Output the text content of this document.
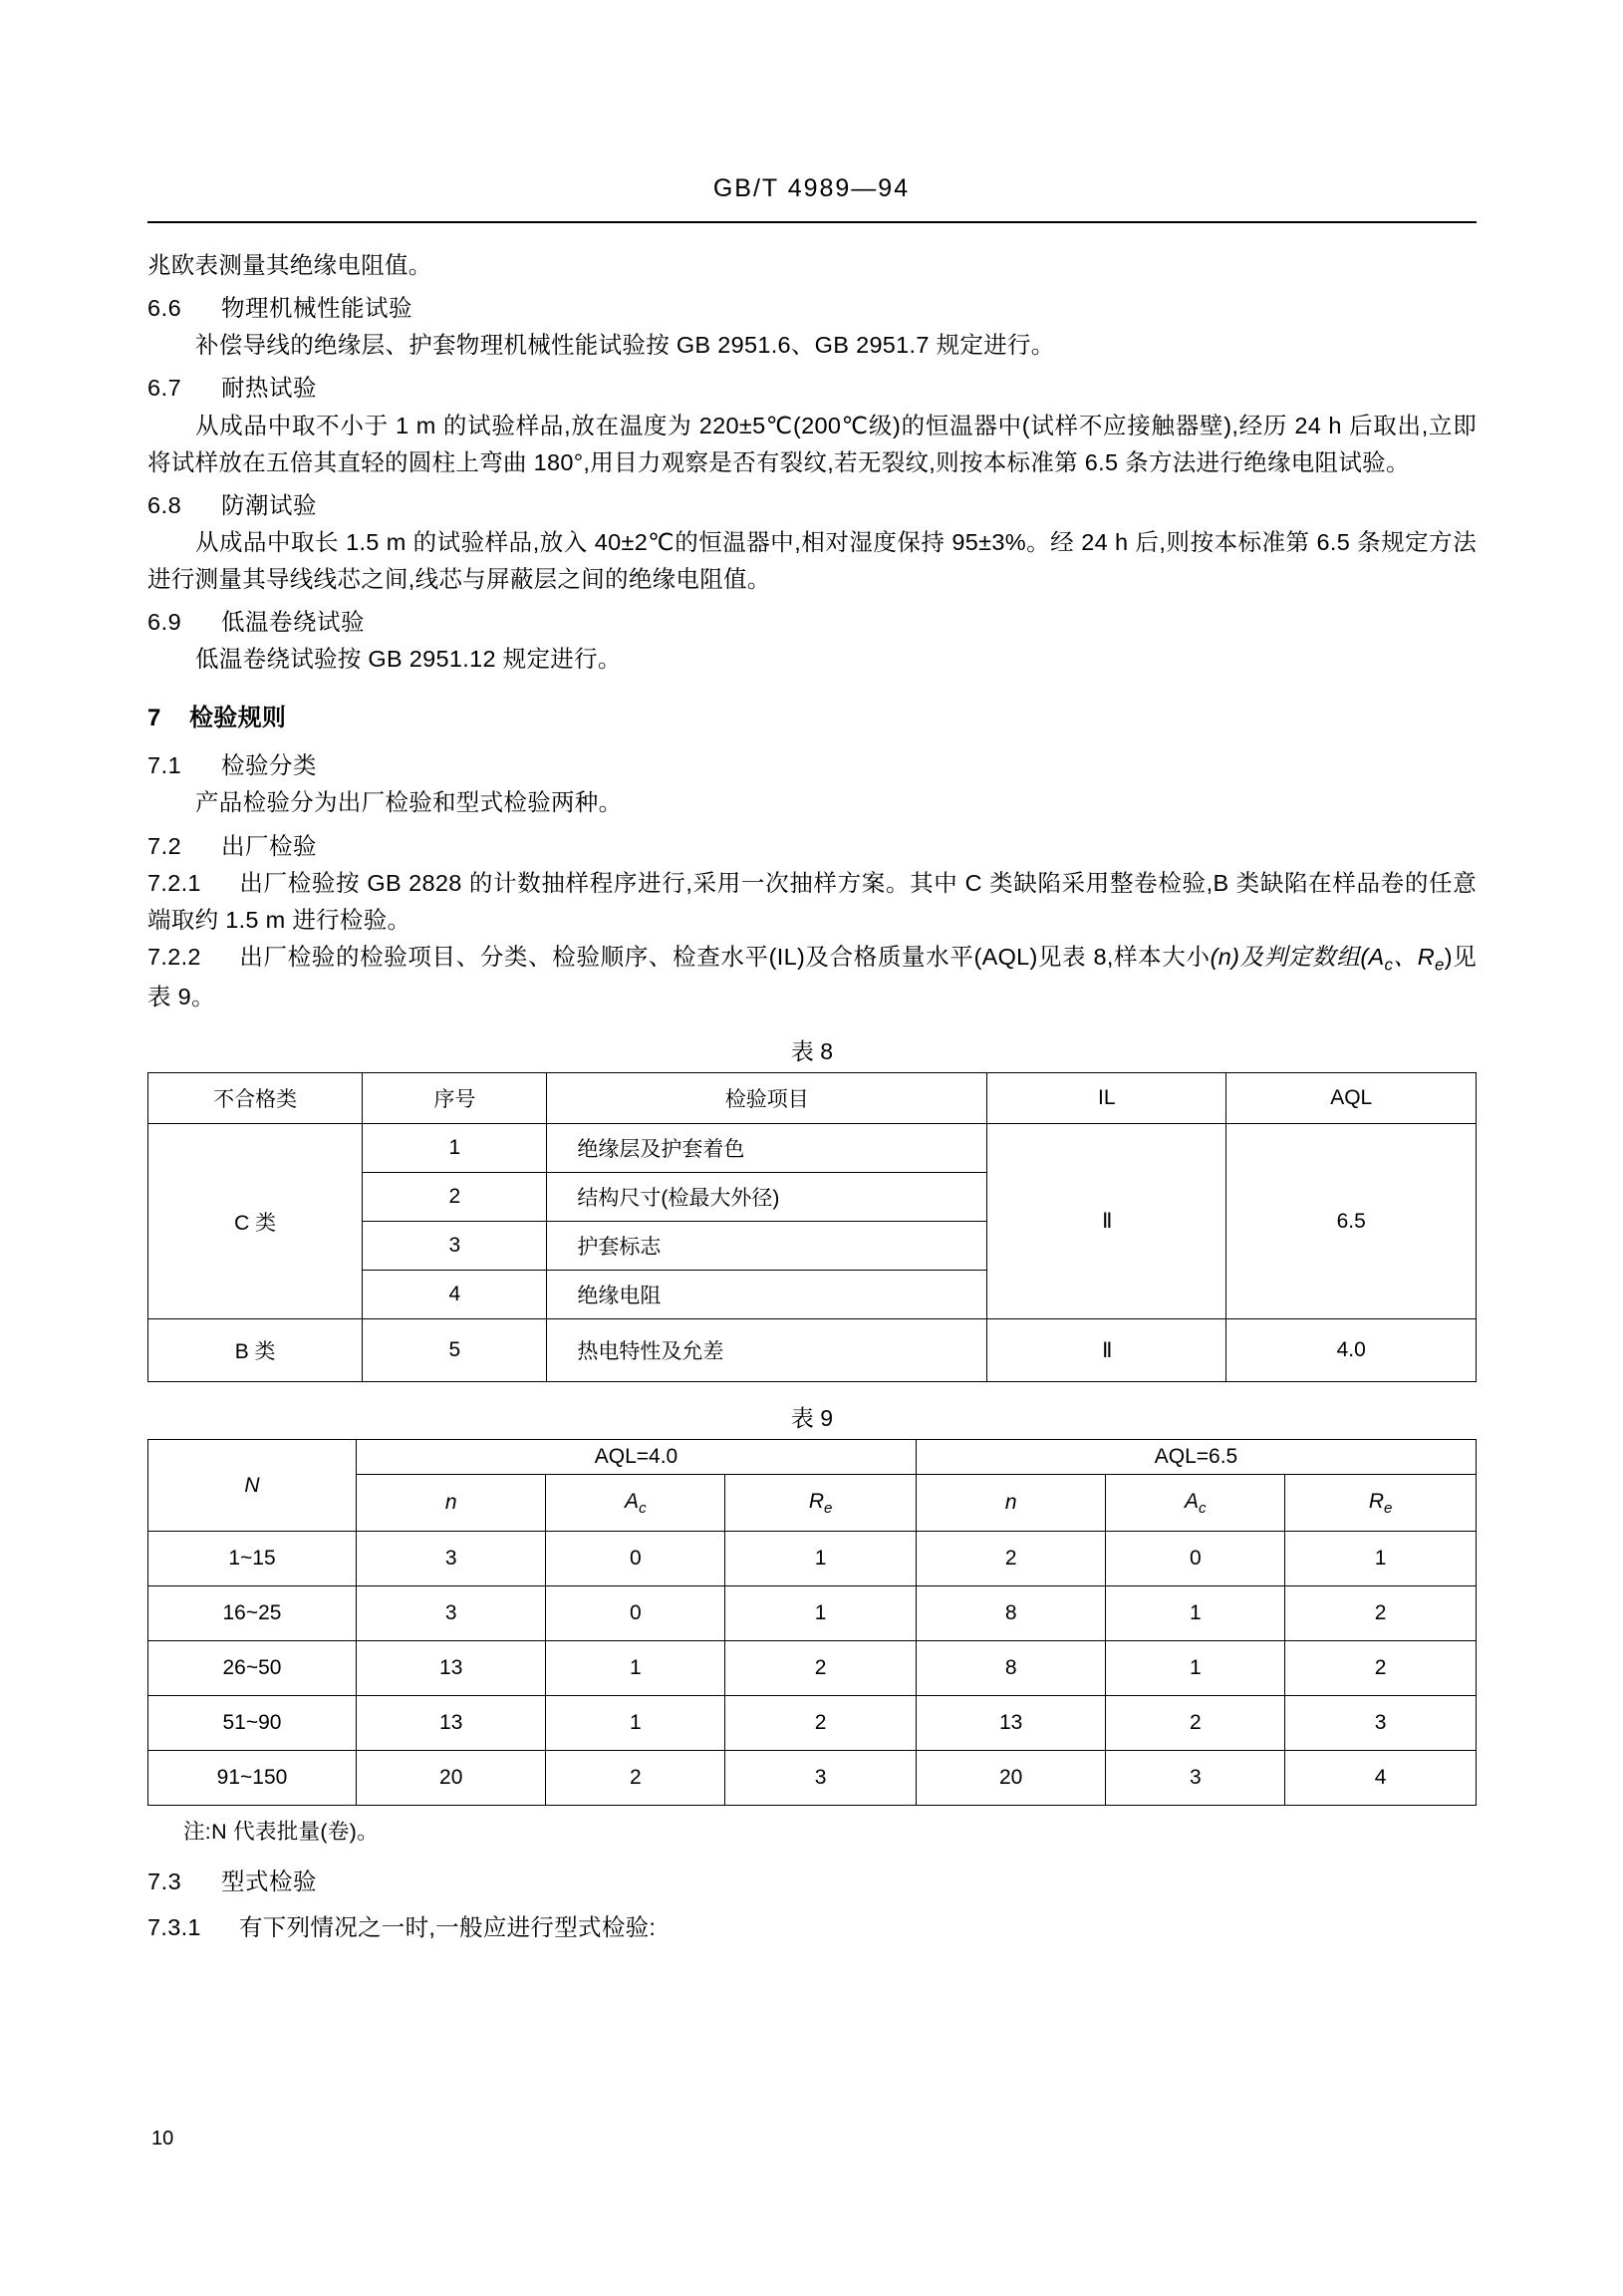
GB/T 4989—94

兆欧表测量其绝缘电阻值。

6.6 物理机械性能试验

补偿导线的绝缘层、护套物理机械性能试验按 GB 2951.6、GB 2951.7 规定进行。

6.7 耐热试验

从成品中取不小于 1 m 的试验样品,放在温度为 220±5℃(200℃级)的恒温器中(试样不应接触器壁),经历 24 h 后取出,立即将试样放在五倍其直轻的圆柱上弯曲 180°,用目力观察是否有裂纹,若无裂纹,则按本标准第 6.5 条方法进行绝缘电阻试验。

6.8 防潮试验

从成品中取长 1.5 m 的试验样品,放入 40±2℃的恒温器中,相对湿度保持 95±3%。经 24 h 后,则按本标准第 6.5 条规定方法进行测量其导线线芯之间,线芯与屏蔽层之间的绝缘电阻值。

6.9 低温卷绕试验

低温卷绕试验按 GB 2951.12 规定进行。

7 检验规则

7.1 检验分类

产品检验分为出厂检验和型式检验两种。

7.2 出厂检验

7.2.1 出厂检验按 GB 2828 的计数抽样程序进行,采用一次抽样方案。其中 C 类缺陷采用整卷检验,B 类缺陷在样品卷的任意端取约 1.5 m 进行检验。

7.2.2 出厂检验的检验项目、分类、检验顺序、检查水平(IL)及合格质量水平(AQL)见表 8,样本大小(n)及判定数组($A_c$、$R_e$)见表 9。

表 8
不合格类	序号	检验项目	IL	AQL
C 类	1	绝缘层及护套着色	Ⅱ	6.5
	2	结构尺寸(检最大外径)		
	3	护套标志		
	4	绝缘电阻		
B 类	5	热电特性及允差	Ⅱ	4.0
表 9
N	AQL=4.0			AQL=6.5		
	n	$A_c$	$R_e$	n	$A_c$	$R_e$
1~15	3	0	1	2	0	1
16~25	3	0	1	8	1	2
26~50	13	1	2	8	1	2
51~90	13	1	2	13	2	3
91~150	20	2	3	20	3	4

注:N 代表批量(卷)。

7.3 型式检验

7.3.1 有下列情况之一时,一般应进行型式检验:

10
